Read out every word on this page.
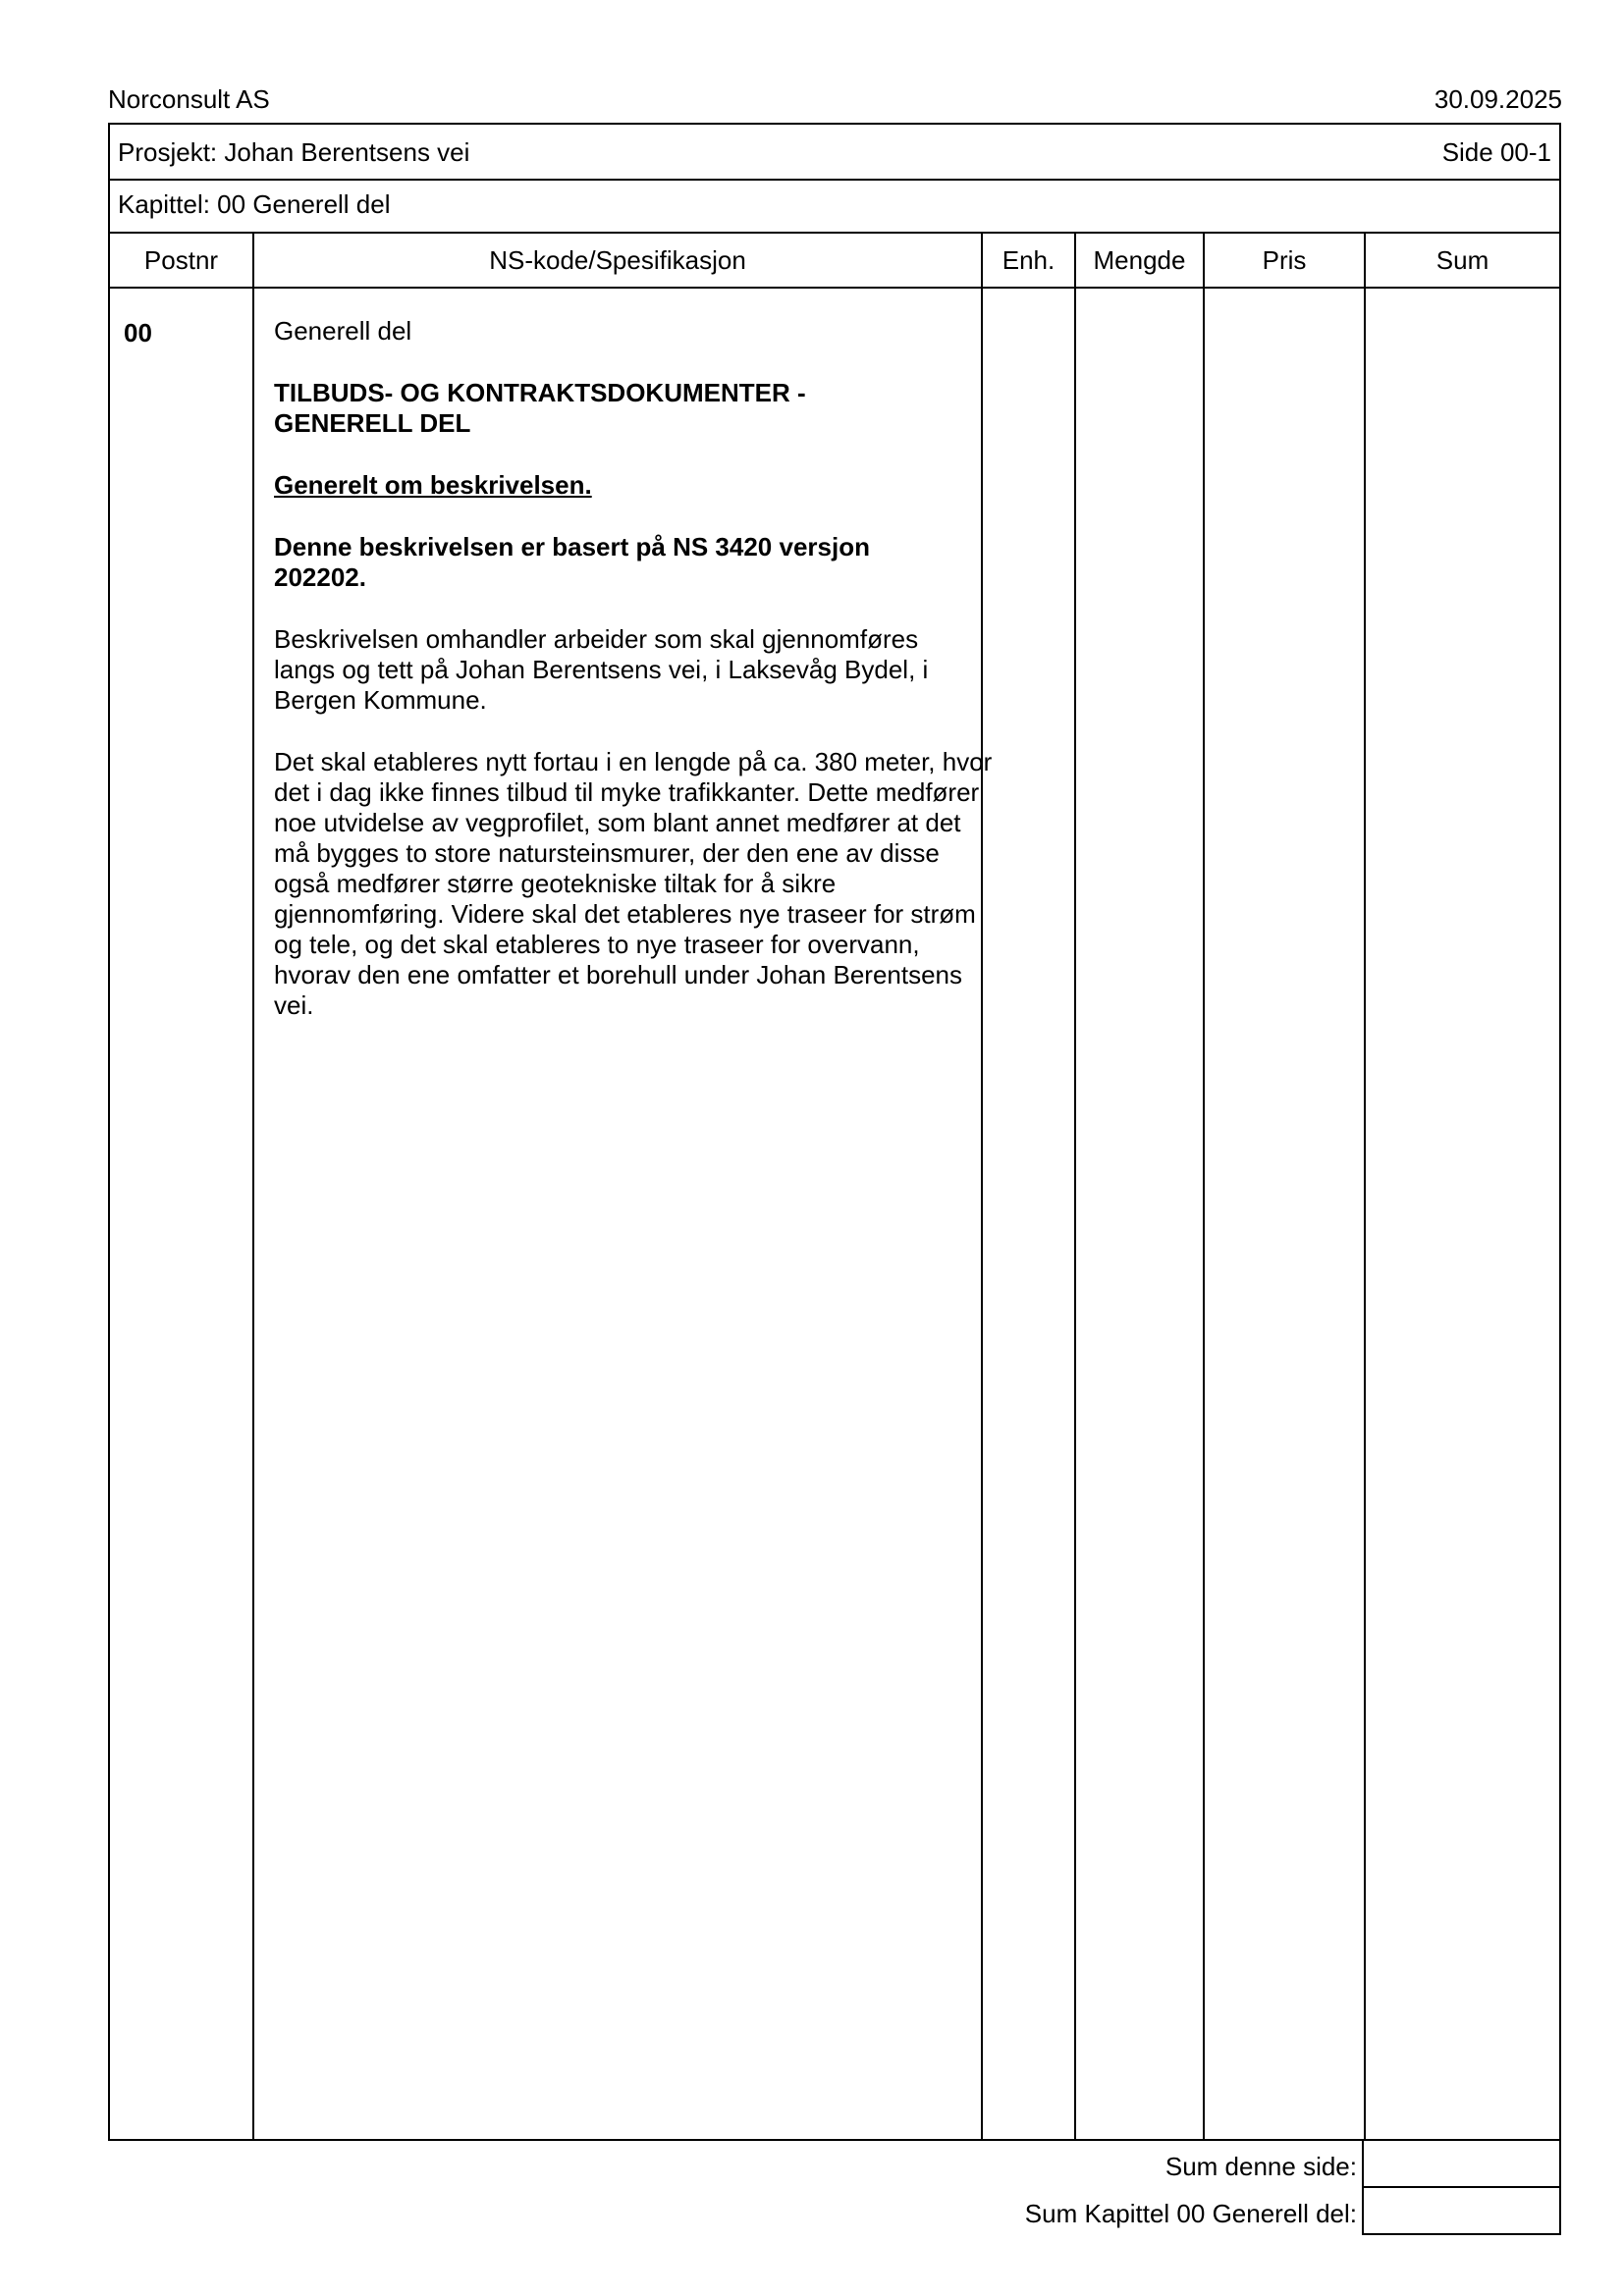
Norconsult AS	30.09.2025
Prosjekt: Johan Berentsens vei	Side 00-1
Kapittel: 00 Generell del
Postnr	NS-kode/Spesifikasjon	Enh.	Mengde	Pris	Sum
00	Generell del

TILBUDS- OG KONTRAKTSDOKUMENTER - GENERELL DEL

Generelt om beskrivelsen.

Denne beskrivelsen er basert på NS 3420 versjon 202202.

Beskrivelsen omhandler arbeider som skal gjennomføres langs og tett på Johan Berentsens vei, i Laksevåg Bydel, i Bergen Kommune.

Det skal etableres nytt fortau i en lengde på ca. 380 meter, hvor det i dag ikke finnes tilbud til myke trafikkanter. Dette medfører noe utvidelse av vegprofilet, som blant annet medfører at det må bygges to store natursteinsmurer, der den ene av disse også medfører større geotekniske tiltak for å sikre gjennomføring. Videre skal det etableres nye traseer for strøm og tele, og det skal etableres to nye traseer for overvann, hvorav den ene omfatter et borehull under Johan Berentsens vei.

Sum denne side:
Sum Kapittel 00 Generell del:
